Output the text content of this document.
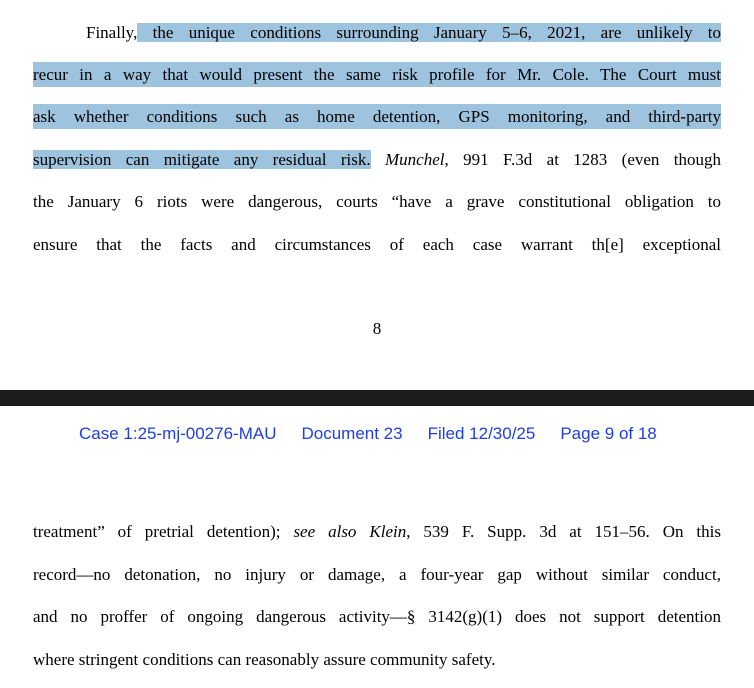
Finally, the unique conditions surrounding January 5–6, 2021, are unlikely to
recur in a way that would present the same risk profile for Mr. Cole. The Court must
ask whether conditions such as home detention, GPS monitoring, and third-party
supervision can mitigate any residual risk. Munchel, 991 F.3d at 1283 (even though
the January 6 riots were dangerous, courts “have a grave constitutional obligation to
ensure that the facts and circumstances of each case warrant th[e] exceptional
8
Case 1:25-mj-00276-MAU Document 23 Filed 12/30/25 Page 9 of 18
treatment” of pretrial detention); see also Klein, 539 F. Supp. 3d at 151–56. On this
record—no detonation, no injury or damage, a four-year gap without similar conduct,
and no proffer of ongoing dangerous activity—§ 3142(g)(1) does not support detention
where stringent conditions can reasonably assure community safety.
